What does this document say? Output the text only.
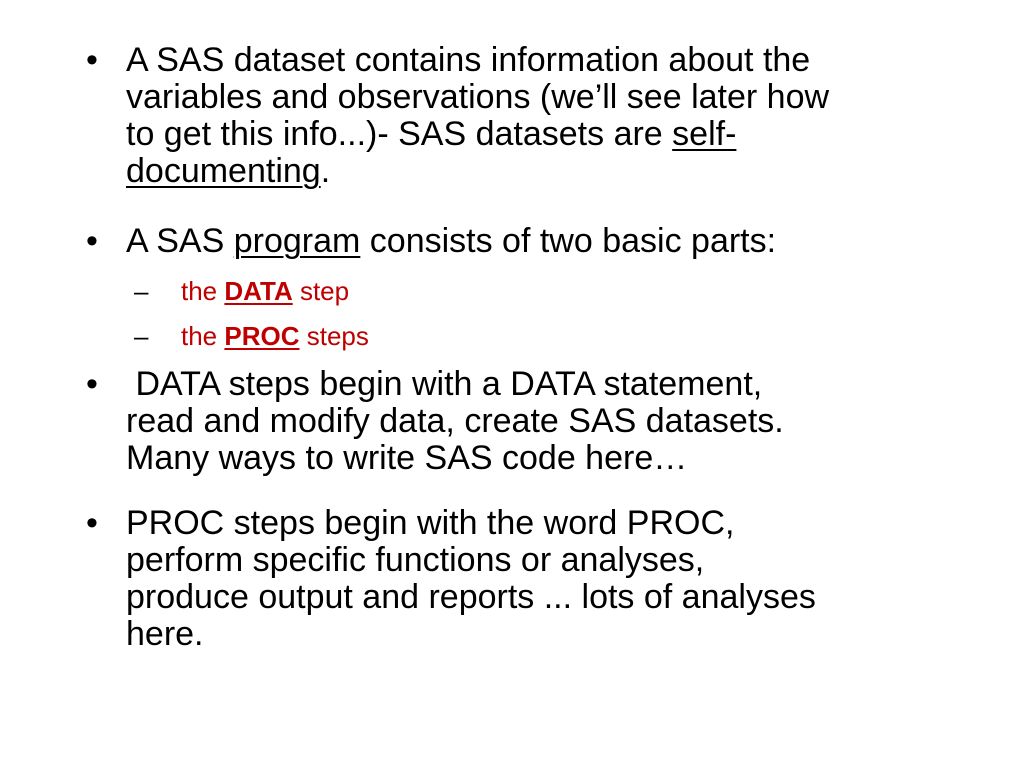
• A SAS dataset contains information about the
variables and observations (we’ll see later how
to get this info...)- SAS datasets are self-
documenting.
• A SAS program consists of two basic parts:
– the DATA step
– the PROC steps
• DATA steps begin with a DATA statement,
read and modify data, create SAS datasets.
Many ways to write SAS code here…
• PROC steps begin with the word PROC,
perform specific functions or analyses,
produce output and reports ... lots of analyses
here.
